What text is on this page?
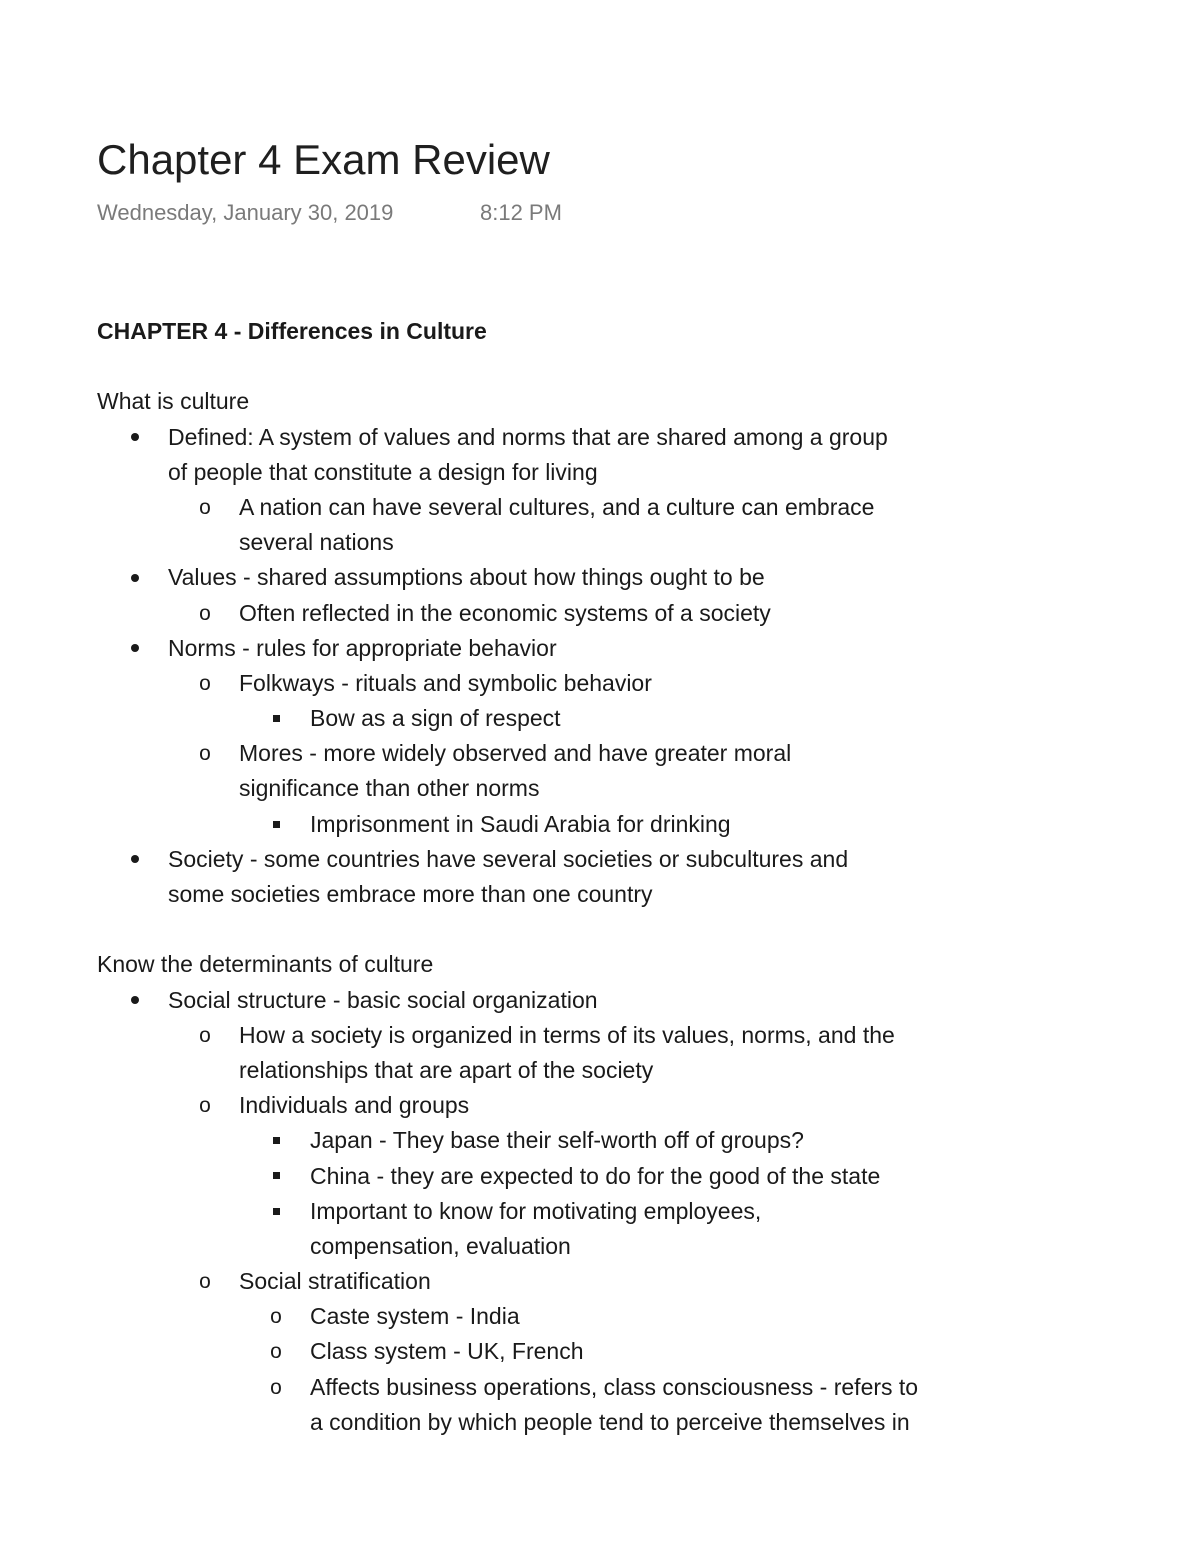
Chapter 4 Exam Review
Wednesday, January 30, 2019	8:12 PM
CHAPTER 4 - Differences in Culture
What is culture
Defined: A system of values and norms that are shared among a group
of people that constitute a design for living
o A nation can have several cultures, and a culture can embrace
several nations
Values - shared assumptions about how things ought to be
o Often reflected in the economic systems of a society
Norms - rules for appropriate behavior
o Folkways - rituals and symbolic behavior
Bow as a sign of respect
o Mores - more widely observed and have greater moral
significance than other norms
Imprisonment in Saudi Arabia for drinking
Society - some countries have several societies or subcultures and
some societies embrace more than one country
Know the determinants of culture
Social structure - basic social organization
o How a society is organized in terms of its values, norms, and the
relationships that are apart of the society
o Individuals and groups
Japan - They base their self-worth off of groups?
China - they are expected to do for the good of the state
Important to know for motivating employees,
compensation, evaluation
o Social stratification
o Caste system - India
o Class system - UK, French
o Affects business operations, class consciousness - refers to
a condition by which people tend to perceive themselves in
